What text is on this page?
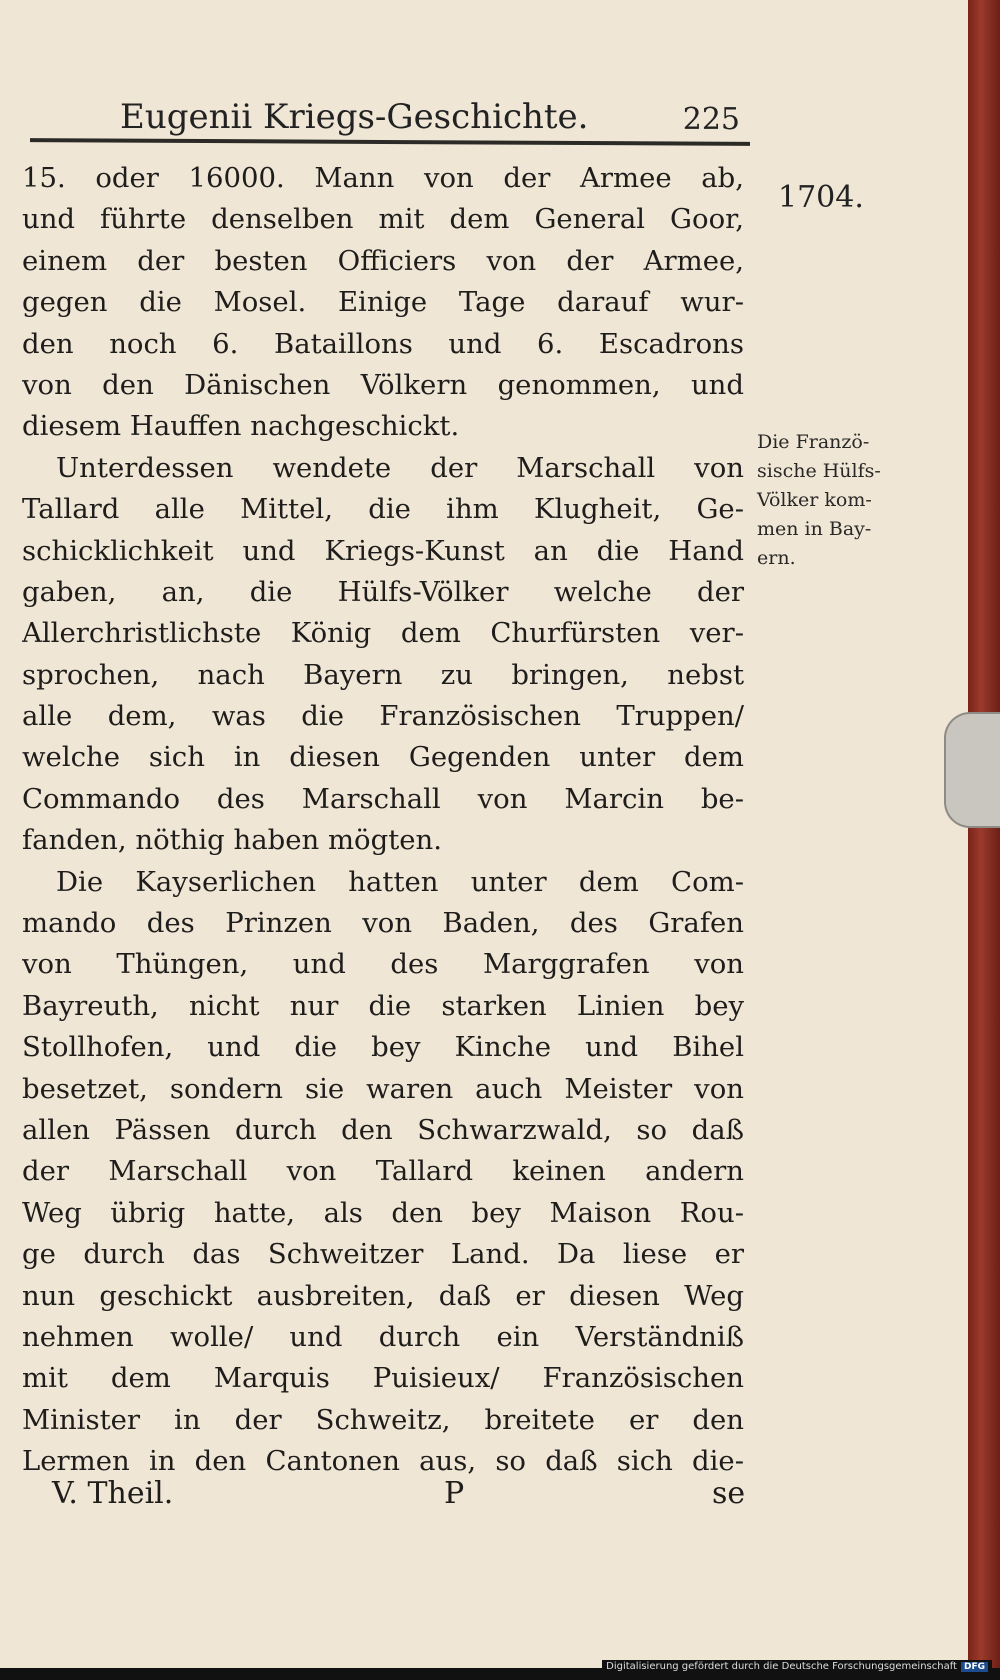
Eugenii Kriegs-Geschichte.	225
1704.
Die Franzö-
sische Hülfs-
Völker kom-
men in Bay-
ern.
15. oder 16000. Mann von der Armee ab,
und führte denselben mit dem General Goor,
einem der besten Officiers von der Armee,
gegen die Mosel. Einige Tage darauf wur-
den noch 6. Bataillons und 6. Escadrons
von den Dänischen Völkern genommen, und
diesem Hauffen nachgeschickt.
Unterdessen wendete der Marschall von
Tallard alle Mittel, die ihm Klugheit, Ge-
schicklichkeit und Kriegs-Kunst an die Hand
gaben, an, die Hülfs-Völker welche der
Allerchristlichste König dem Churfürsten ver-
sprochen, nach Bayern zu bringen, nebst
alle dem, was die Französischen Truppen/
welche sich in diesen Gegenden unter dem
Commando des Marschall von Marcin be-
fanden, nöthig haben mögten.
Die Kayserlichen hatten unter dem Com-
mando des Prinzen von Baden, des Grafen
von Thüngen, und des Marggrafen von
Bayreuth, nicht nur die starken Linien bey
Stollhofen, und die bey Kinche und Bihel
besetzet, sondern sie waren auch Meister von
allen Pässen durch den Schwarzwald, so daß
der Marschall von Tallard keinen andern
Weg übrig hatte, als den bey Maison Rou-
ge durch das Schweitzer Land. Da liese er
nun geschickt ausbreiten, daß er diesen Weg
nehmen wolle/ und durch ein Verständniß
mit dem Marquis Puisieux/ Französischen
Minister in der Schweitz, breitete er den
Lermen in den Cantonen aus, so daß sich die-
V. Theil.	P	se
Digitalisierung gefördert durch die Deutsche Forschungsgemeinschaft DFG
